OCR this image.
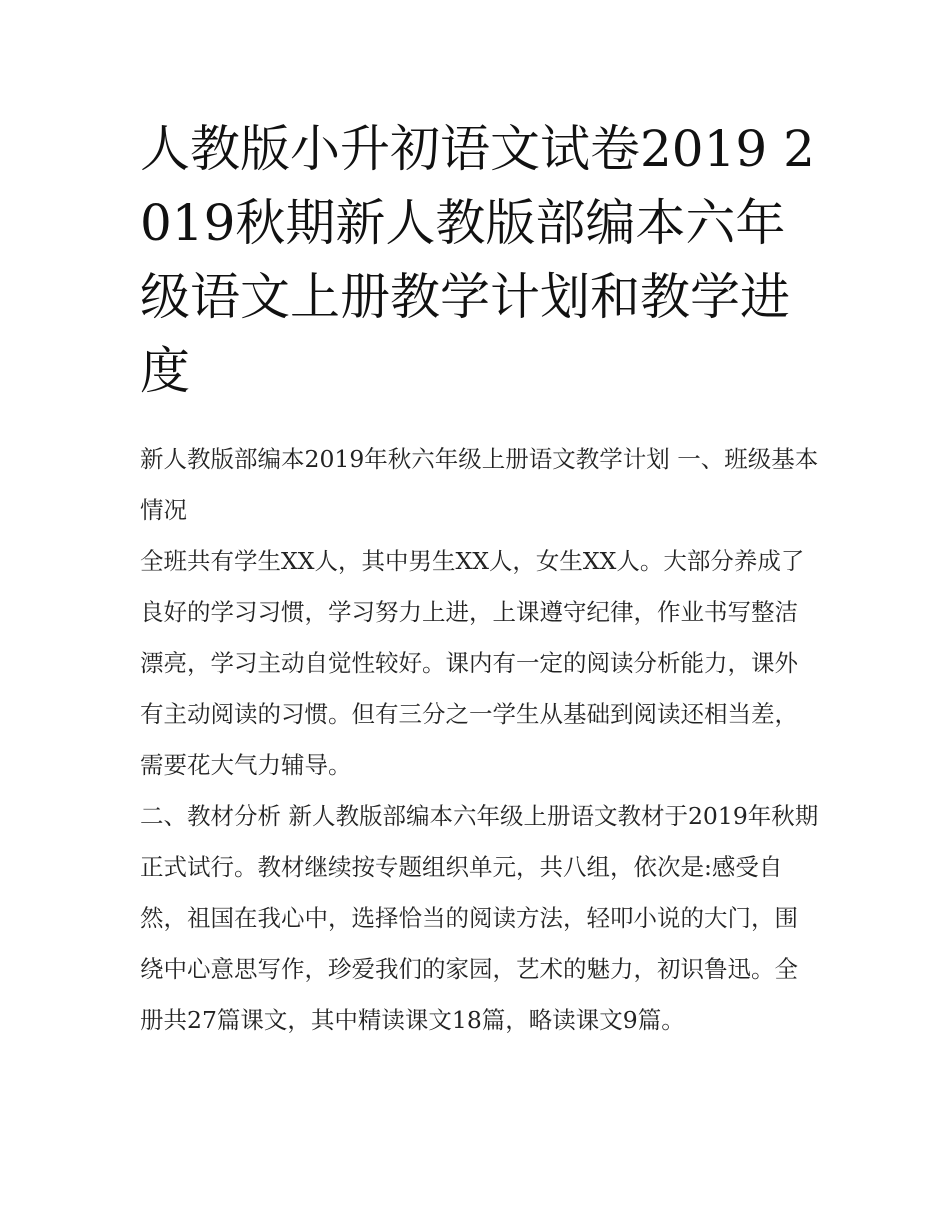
人教版小升初语文试卷2019 2019秋期新人教版部编本六年级语文上册教学计划和教学进度

新人教版部编本2019年秋六年级上册语文教学计划 一、班级基本情况

全班共有学生XX人，其中男生XX人，女生XX人。大部分养成了良好的学习习惯，学习努力上进，上课遵守纪律，作业书写整洁漂亮，学习主动自觉性较好。课内有一定的阅读分析能力，课外有主动阅读的习惯。但有三分之一学生从基础到阅读还相当差，需要花大气力辅导。

二、教材分析 新人教版部编本六年级上册语文教材于2019年秋期正式试行。教材继续按专题组织单元，共八组，依次是:感受自然，祖国在我心中，选择恰当的阅读方法，轻叩小说的大门，围绕中心意思写作，珍爱我们的家园，艺术的魅力，初识鲁迅。全册共27篇课文，其中精读课文18篇，略读课文9篇。
